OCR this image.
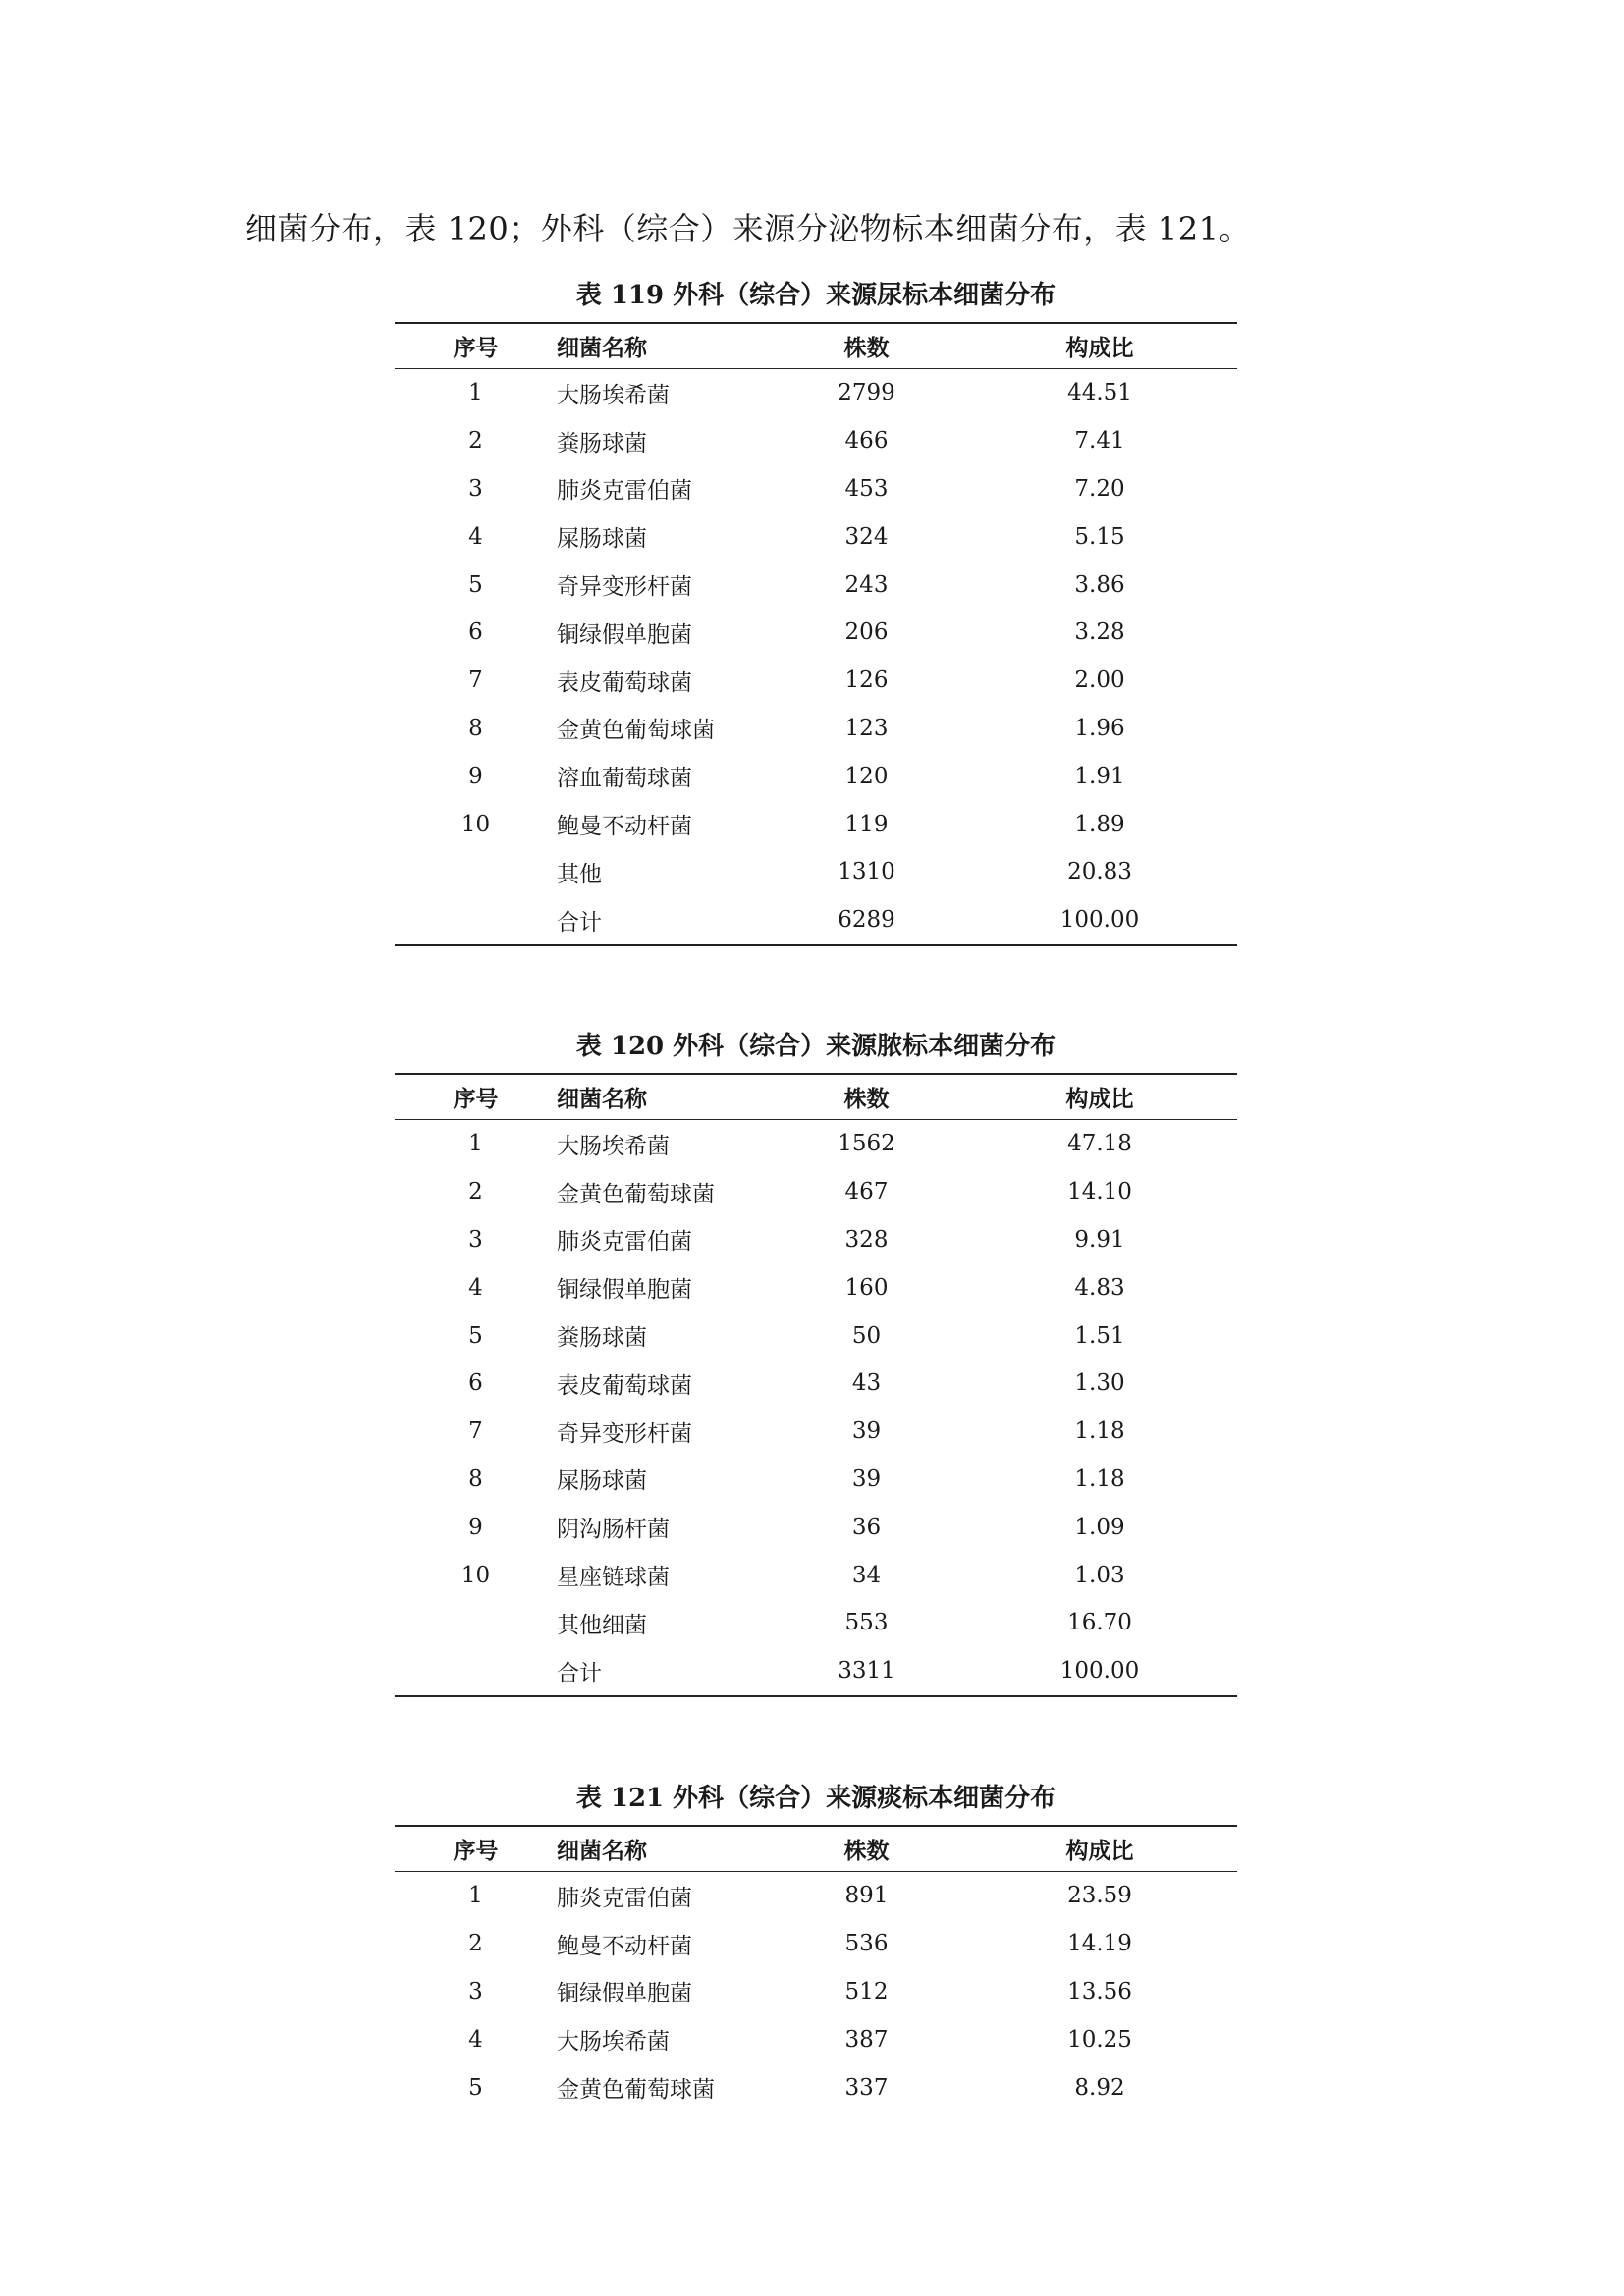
细菌分布，表 120；外科（综合）来源分泌物标本细菌分布，表 121。
表 119 外科（综合）来源尿标本细菌分布
序号	细菌名称	株数	构成比
1	大肠埃希菌	2799	44.51
2	粪肠球菌	466	7.41
3	肺炎克雷伯菌	453	7.20
4	屎肠球菌	324	5.15
5	奇异变形杆菌	243	3.86
6	铜绿假单胞菌	206	3.28
7	表皮葡萄球菌	126	2.00
8	金黄色葡萄球菌	123	1.96
9	溶血葡萄球菌	120	1.91
10	鲍曼不动杆菌	119	1.89
	其他	1310	20.83
	合计	6289	100.00
表 120 外科（综合）来源脓标本细菌分布
序号	细菌名称	株数	构成比
1	大肠埃希菌	1562	47.18
2	金黄色葡萄球菌	467	14.10
3	肺炎克雷伯菌	328	9.91
4	铜绿假单胞菌	160	4.83
5	粪肠球菌	50	1.51
6	表皮葡萄球菌	43	1.30
7	奇异变形杆菌	39	1.18
8	屎肠球菌	39	1.18
9	阴沟肠杆菌	36	1.09
10	星座链球菌	34	1.03
	其他细菌	553	16.70
	合计	3311	100.00
表 121 外科（综合）来源痰标本细菌分布
序号	细菌名称	株数	构成比
1	肺炎克雷伯菌	891	23.59
2	鲍曼不动杆菌	536	14.19
3	铜绿假单胞菌	512	13.56
4	大肠埃希菌	387	10.25
5	金黄色葡萄球菌	337	8.92
